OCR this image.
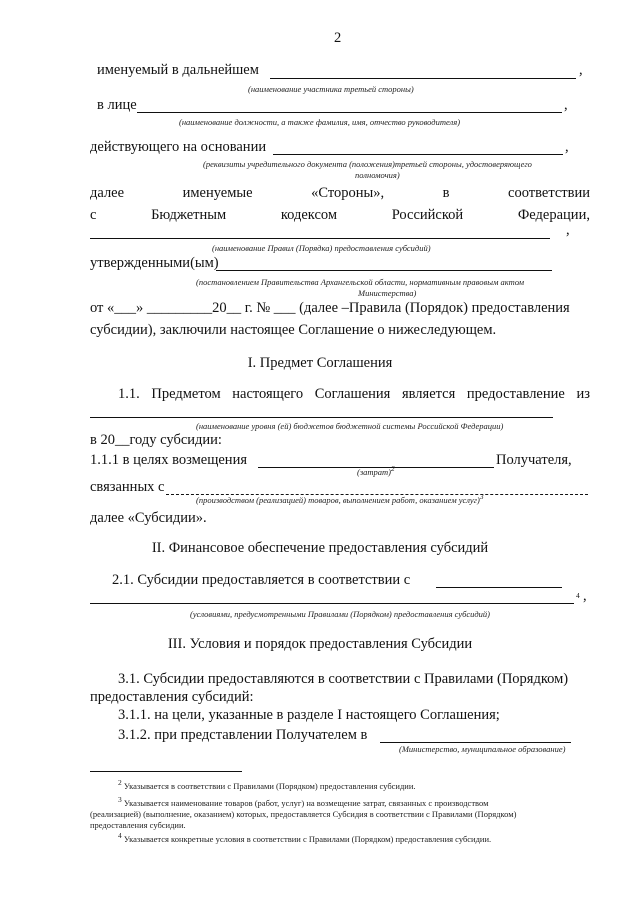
2
именуемый в дальнейшем	,
(наименование участника третьей стороны)
в лице	,
(наименование должности, а также фамилия, имя, отчество руководителя)
действующего на основании	,
(реквизиты учредительного документа (положения)третьей стороны, удостоверяющего
полномочия)
далее	именуемые	«Стороны»,	в	соответствии
с	Бюджетным	кодексом	Российской	Федерации,
,
(наименование Правил (Порядка) предоставления субсидий)
утвержденными(ым)
(постановлением Правительства Архангельской области, нормативным правовым актом
Министерства)
от «___» _________20__ г. № ___ (далее –Правила (Порядок) предоставления
субсидии), заключили настоящее Соглашение о нижеследующем.
I. Предмет Соглашения
1.1. Предметом настоящего Соглашения является предоставление из
(наименование уровня (ей) бюджетов бюджетной системы Российской Федерации)
в 20__году субсидии:
1.1.1 в целях возмещения	Получателя,
(затрат)2
связанных с
(производством (реализацией) товаров, выполнением работ, оказанием услуг)3
далее «Субсидии».
II. Финансовое обеспечение предоставления субсидий
2.1. Субсидии предоставляется в соответствии с
4 ,
(условиями, предусмотренными Правилами (Порядком) предоставления субсидий)
III. Условия и порядок предоставления Субсидии
3.1. Субсидии предоставляются в соответствии с Правилами (Порядком)
предоставления субсидий:
3.1.1. на цели, указанные в разделе I настоящего Соглашения;
3.1.2. при представлении Получателем в
(Министерство, муниципальное образование)
2 Указывается в соответствии с Правилами (Порядком) предоставления субсидии.
3 Указывается наименование товаров (работ, услуг) на возмещение затрат, связанных с производством
(реализацией) (выполнение, оказанием) которых, предоставляется Субсидия в соответствии с Правилами (Порядком)
предоставления субсидии.
4 Указывается конкретные условия в соответствии с Правилами (Порядком) предоставления субсидии.
